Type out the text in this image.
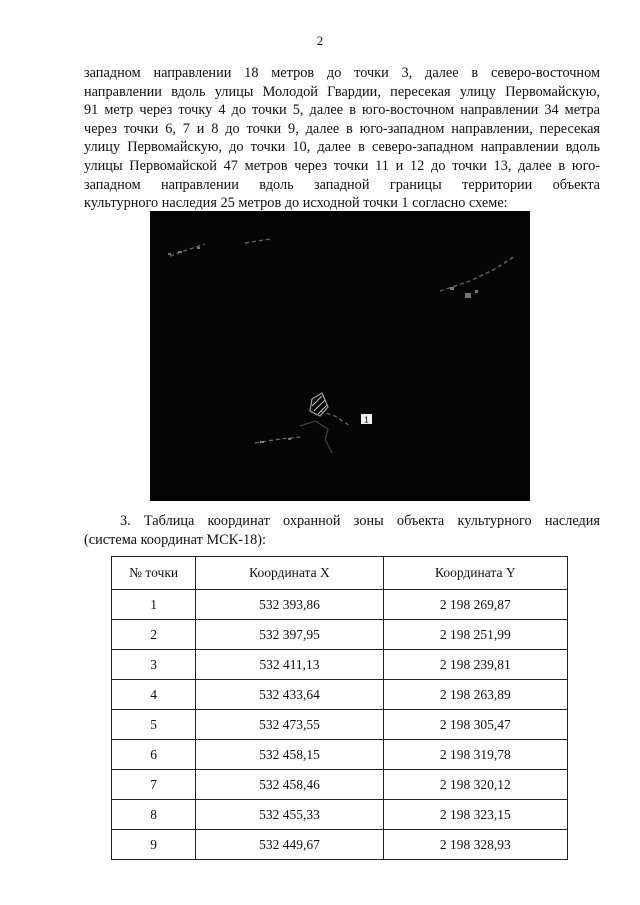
2
западном направлении 18 метров до точки 3, далее в северо-восточном
направлении вдоль улицы Молодой Гвардии, пересекая улицу Первомайскую,
91 метр через точку 4 до точки 5, далее в юго-восточном направлении 34 метра
через точки 6, 7 и 8 до точки 9, далее в юго-западном направлении, пересекая
улицу Первомайскую, до точки 10, далее в северо-западном направлении вдоль
улицы Первомайской 47 метров через точки 11 и 12 до точки 13, далее в юго-
западном направлении вдоль западной границы территории объекта
культурного наследия 25 метров до исходной точки 1 согласно схеме:
1
3. Таблица координат охранной зоны объекта культурного наследия
(система координат МСК-18):
№ точки	Координата X	Координата Y
1	532 393,86	2 198 269,87
2	532 397,95	2 198 251,99
3	532 411,13	2 198 239,81
4	532 433,64	2 198 263,89
5	532 473,55	2 198 305,47
6	532 458,15	2 198 319,78
7	532 458,46	2 198 320,12
8	532 455,33	2 198 323,15
9	532 449,67	2 198 328,93
